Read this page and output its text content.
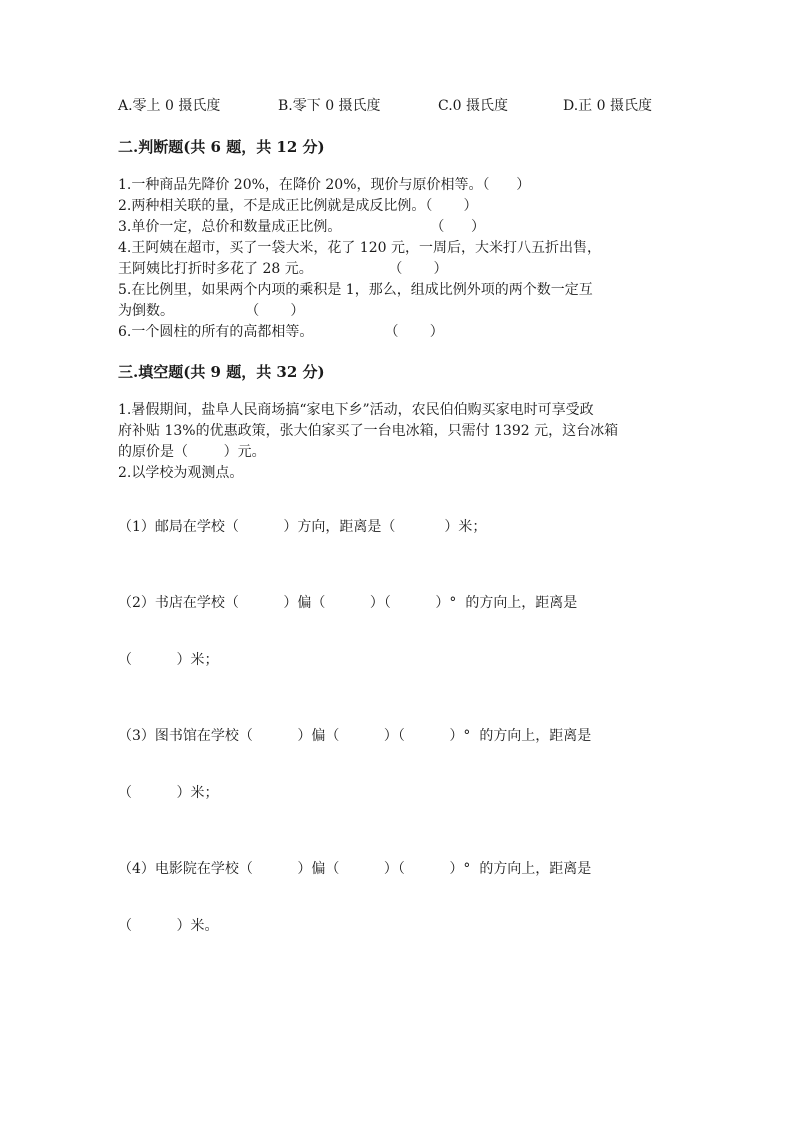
A.零上 0 摄氏度	B.零下 0 摄氏度	C.0 摄氏度	D.正 0 摄氏度
二.判断题(共 6 题，共 12 分)
1.一种商品先降价 20%，在降价 20%，现价与原价相等。（      ）
2.两种相关联的量，不是成正比例就是成反比例。（       ）
3.单价一定，总价和数量成正比例。                    （      ）
4.王阿姨在超市，买了一袋大米，花了 120 元，一周后，大米打八五折出售，
王阿姨比打折时多花了 28 元。                 （       ）
5.在比例里，如果两个内项的乘积是 1，那么，组成比例外项的两个数一定互
为倒数。                （       ）
6.一个圆柱的所有的高都相等。                （       ）
三.填空题(共 9 题，共 32 分)
1.暑假期间，盐阜人民商场搞“家电下乡”活动，农民伯伯购买家电时可享受政
府补贴 13%的优惠政策，张大伯家买了一台电冰箱，只需付 1392 元，这台冰箱
的原价是（        ）元。
2.以学校为观测点。
（1）邮局在学校（          ）方向，距离是（           ）米；
（2）书店在学校（          ）偏（          ）（          ）°  的方向上，距离是
（          ）米；
（3）图书馆在学校（          ）偏（          ）（          ）°  的方向上，距离是
（          ）米；
（4）电影院在学校（          ）偏（          ）（          ）°  的方向上，距离是
（          ）米。
